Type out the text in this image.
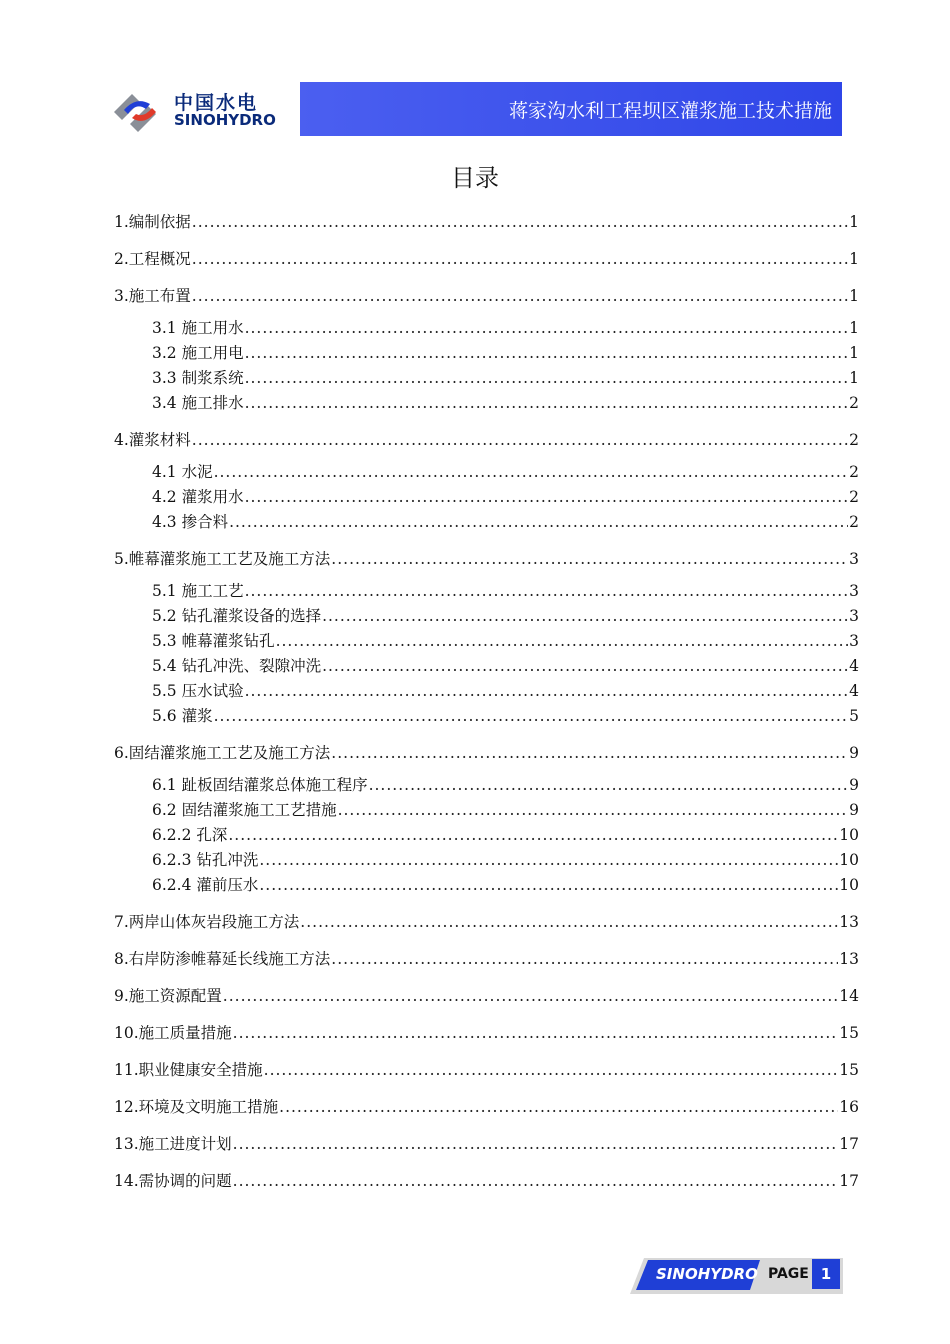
中国水电
SINOHYDRO	蒋家沟水利工程坝区灌浆施工技术措施
目录
1.编制依据 .....	1
2.工程概况 .....	1
3.施工布置 .....	1
3.1 施工用水 .....	1
3.2 施工用电 .....	1
3.3 制浆系统 .....	1
3.4 施工排水 .....	2
4.灌浆材料 .....	2
4.1 水泥 .....	2
4.2 灌浆用水 .....	2
4.3 掺合料 .....	2
5.帷幕灌浆施工工艺及施工方法 .....	3
5.1 施工工艺 .....	3
5.2 钻孔灌浆设备的选择 .....	3
5.3 帷幕灌浆钻孔 .....	3
5.4 钻孔冲洗、裂隙冲洗 .....	4
5.5 压水试验 .....	4
5.6 灌浆 .....	5
6.固结灌浆施工工艺及施工方法 .....	9
6.1 趾板固结灌浆总体施工程序 .....	9
6.2 固结灌浆施工工艺措施 .....	9
6.2.2 孔深 .....	10
6.2.3 钻孔冲洗 .....	10
6.2.4 灌前压水 .....	10
7.两岸山体灰岩段施工方法 .....	13
8.右岸防渗帷幕延长线施工方法 .....	13
9.施工资源配置 .....	14
10.施工质量措施 .....	15
11.职业健康安全措施 .....	15
12.环境及文明施工措施 .....	16
13.施工进度计划 .....	17
14.需协调的问题 .....	17
SINOHYDRO PAGE 1
